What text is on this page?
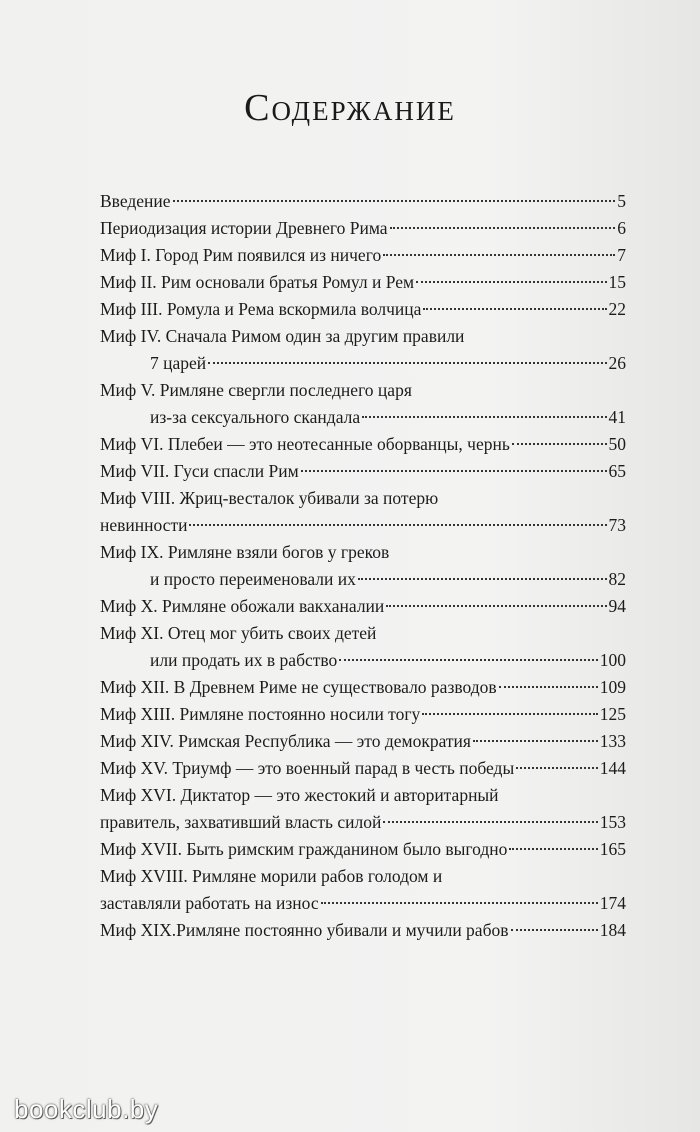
Содержание
Введение	5
Периодизация истории Древнего Рима	6
Миф I. Город Рим появился из ничего	7
Миф II. Рим основали братья Ромул и Рем	15
Миф III. Ромула и Рема вскормила волчица	22
Миф IV. Сначала Римом один за другим правили
7 царей	26
Миф V. Римляне свергли последнего царя
из-за сексуального скандала	41
Миф VI. Плебеи — это неотесанные оборванцы, чернь	50
Миф VII. Гуси спасли Рим	65
Миф VIII. Жриц-весталок убивали за потерю
невинности	73
Миф IX. Римляне взяли богов у греков
и просто переименовали их	82
Миф X. Римляне обожали вакханалии	94
Миф XI. Отец мог убить своих детей
или продать их в рабство	100
Миф XII. В Древнем Риме не существовало разводов	109
Миф XIII. Римляне постоянно носили тогу	125
Миф XIV. Римская Республика — это демократия	133
Миф XV. Триумф — это военный парад в честь победы	144
Миф XVI. Диктатор — это жестокий и авторитарный
правитель, захвативший власть силой	153
Миф XVII. Быть римским гражданином было выгодно	165
Миф XVIII. Римляне морили рабов голодом и
заставляли работать на износ	174
Миф XIX.Римляне постоянно убивали и мучили рабов	184
bookclub.by
